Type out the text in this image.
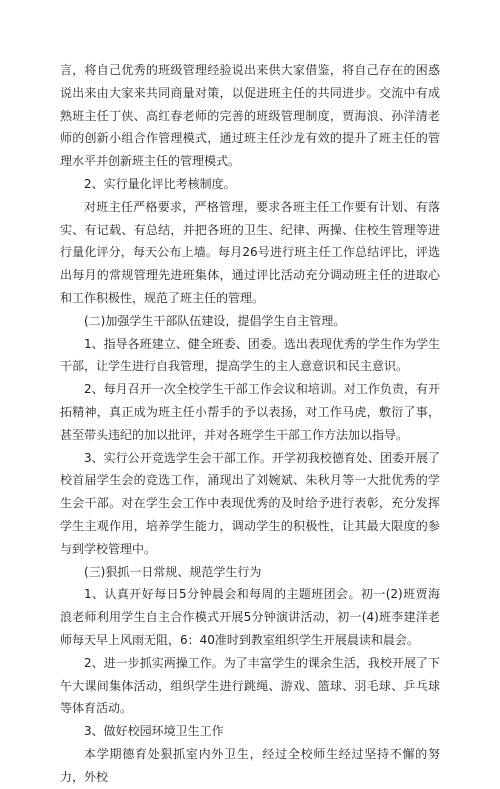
言，将自己优秀的班级管理经验说出来供大家借鉴，将自己存在的困惑说出来由大家来共同商量对策，以促进班主任的共同进步。交流中有成熟班主任丁侠、高红春老师的完善的班级管理制度，贾海浪、孙洋清老师的创新小组合作管理模式，通过班主任沙龙有效的提升了班主任的管理水平并创新班主任的管理模式。

2、实行量化评比考核制度。

对班主任严格要求，严格管理，要求各班主任工作要有计划、有落实、有记载、有总结，并把各班的卫生、纪律、两操、住校生管理等进行量化评分，每天公布上墙。每月26号进行班主任工作总结评比，评选出每月的常规管理先进班集体，通过评比活动充分调动班主任的进取心和工作积极性，规范了班主任的管理。

(二)加强学生干部队伍建设，提倡学生自主管理。

1、指导各班建立、健全班委、团委。选出表现优秀的学生作为学生干部，让学生进行自我管理，提高学生的主人意意识和民主意识。

2、每月召开一次全校学生干部工作会议和培训。对工作负责，有开拓精神，真正成为班主任小帮手的予以表扬，对工作马虎，敷衍了事，甚至带头违纪的加以批评，并对各班学生干部工作方法加以指导。

3、实行公开竞选学生会干部工作。开学初我校德育处、团委开展了校首届学生会的竞选工作，涌现出了刘婉斌、朱秋月等一大批优秀的学生会干部。对在学生会工作中表现优秀的及时给予进行表彰，充分发挥学生主观作用，培养学生能力，调动学生的积极性，让其最大限度的参与到学校管理中。

(三)狠抓一日常规、规范学生行为

1、认真开好每日5分钟晨会和每周的主题班团会。初一(2)班贾海浪老师利用学生自主合作模式开展5分钟演讲活动，初一(4)班李建洋老师每天早上风雨无阻，6：40准时到教室组织学生开展晨读和晨会。

2、进一步抓实两操工作。为了丰富学生的课余生活，我校开展了下午大课间集体活动，组织学生进行跳绳、游戏、篮球、羽毛球、乒乓球等体育活动。

3、做好校园环境卫生工作

本学期德育处狠抓室内外卫生，经过全校师生经过坚持不懈的努力，外校
